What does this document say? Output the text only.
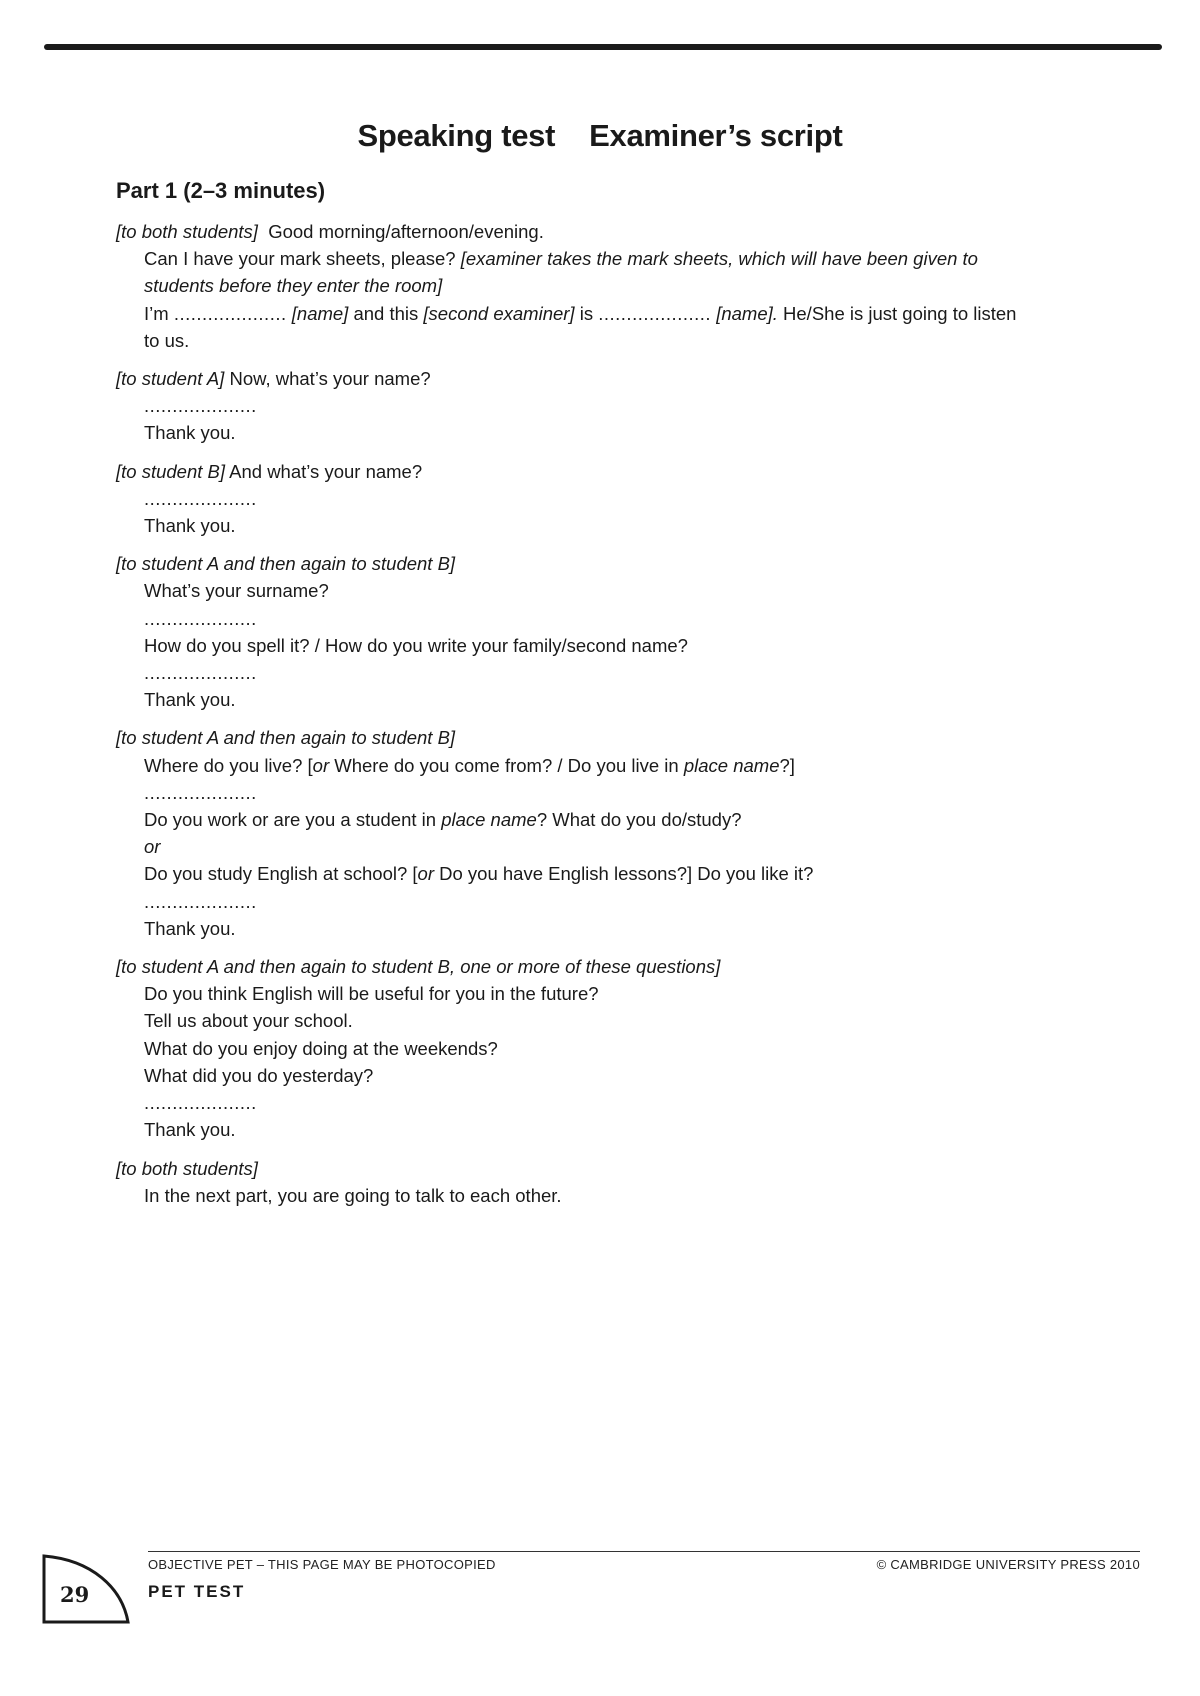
Speaking test Examiner’s script
Part 1 (2–3 minutes)
[to both students] Good morning/afternoon/evening.
Can I have your mark sheets, please? [examiner takes the mark sheets, which will have been given to
students before they enter the room]
I’m .................... [name] and this [second examiner] is .................... [name]. He/She is just going to listen
to us.
[to student A] Now, what’s your name?
....................
Thank you.
[to student B] And what’s your name?
....................
Thank you.
[to student A and then again to student B]
What’s your surname?
....................
How do you spell it? / How do you write your family/second name?
....................
Thank you.
[to student A and then again to student B]
Where do you live? [or Where do you come from? / Do you live in place name?]
....................
Do you work or are you a student in place name? What do you do/study?
or
Do you study English at school? [or Do you have English lessons?] Do you like it?
....................
Thank you.
[to student A and then again to student B, one or more of these questions]
Do you think English will be useful for you in the future?
Tell us about your school.
What do you enjoy doing at the weekends?
What did you do yesterday?
....................
Thank you.
[to both students]
In the next part, you are going to talk to each other.
OBJECTIVE PET – THIS PAGE MAY BE PHOTOCOPIED	© CAMBRIDGE UNIVERSITY PRESS 2010
PET TEST
29
